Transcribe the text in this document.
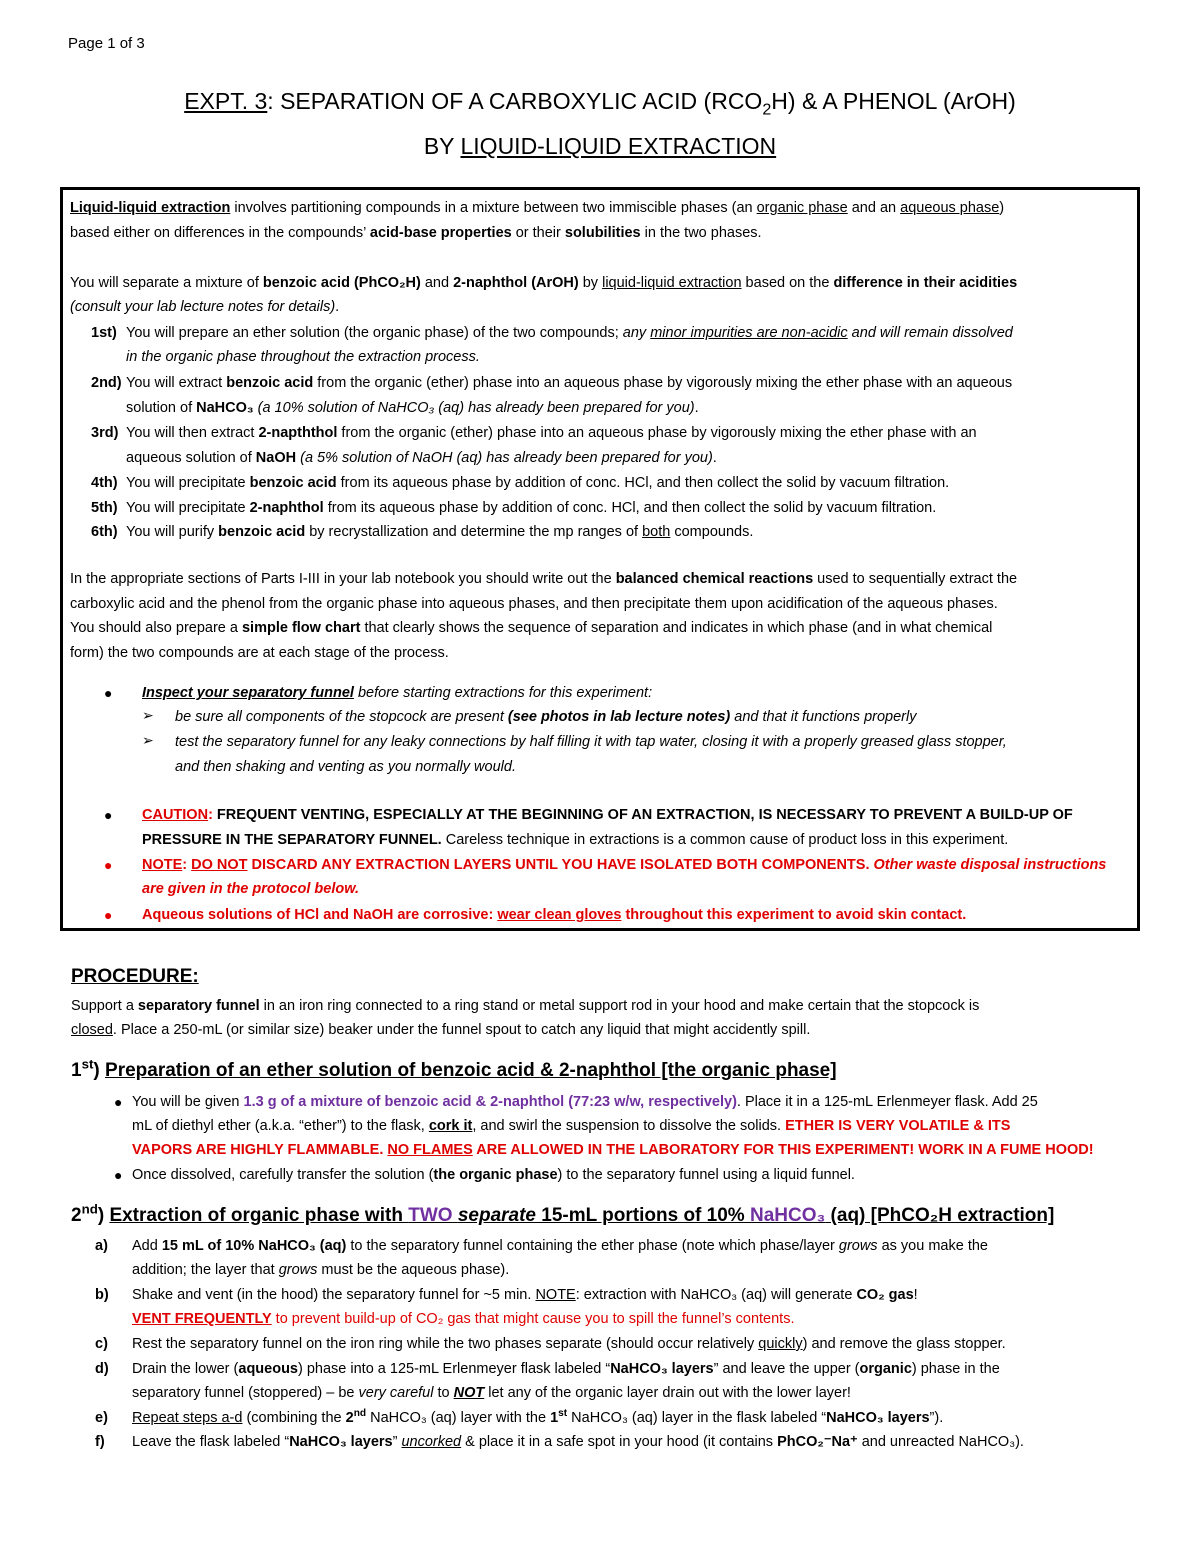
Page 1 of 3
EXPT. 3: SEPARATION OF A CARBOXYLIC ACID $(RCO_2H)$ & A PHENOL (ArOH)
BY LIQUID-LIQUID EXTRACTION
Liquid-liquid extraction involves partitioning compounds in a mixture between two immiscible phases (an organic phase and an aqueous phase)
based either on differences in the compounds’ acid-base properties or their solubilities in the two phases.
You will separate a mixture of benzoic acid (PhCO₂H) and 2-naphthol (ArOH) by liquid-liquid extraction based on the difference in their acidities
(consult your lab lecture notes for details).
1st) You will prepare an ether solution (the organic phase) of the two compounds; any minor impurities are non-acidic and will remain dissolved
in the organic phase throughout the extraction process.
2nd) You will extract benzoic acid from the organic (ether) phase into an aqueous phase by vigorously mixing the ether phase with an aqueous
solution of NaHCO₃ (a 10% solution of NaHCO₃ (aq) has already been prepared for you).
3rd) You will then extract 2-napththol from the organic (ether) phase into an aqueous phase by vigorously mixing the ether phase with an
aqueous solution of NaOH (a 5% solution of NaOH (aq) has already been prepared for you).
4th) You will precipitate benzoic acid from its aqueous phase by addition of conc. HCl, and then collect the solid by vacuum filtration.
5th) You will precipitate 2-naphthol from its aqueous phase by addition of conc. HCl, and then collect the solid by vacuum filtration.
6th) You will purify benzoic acid by recrystallization and determine the mp ranges of both compounds.
In the appropriate sections of Parts I-III in your lab notebook you should write out the balanced chemical reactions used to sequentially extract the
carboxylic acid and the phenol from the organic phase into aqueous phases, and then precipitate them upon acidification of the aqueous phases.
You should also prepare a simple flow chart that clearly shows the sequence of separation and indicates in which phase (and in what chemical
form) the two compounds are at each stage of the process.
● Inspect your separatory funnel before starting extractions for this experiment:
➢ be sure all components of the stopcock are present (see photos in lab lecture notes) and that it functions properly
➢ test the separatory funnel for any leaky connections by half filling it with tap water, closing it with a properly greased glass stopper,
and then shaking and venting as you normally would.
● CAUTION: FREQUENT VENTING, ESPECIALLY AT THE BEGINNING OF AN EXTRACTION, IS NECESSARY TO PREVENT A BUILD-UP OF
PRESSURE IN THE SEPARATORY FUNNEL. Careless technique in extractions is a common cause of product loss in this experiment.
● NOTE: DO NOT DISCARD ANY EXTRACTION LAYERS UNTIL YOU HAVE ISOLATED BOTH COMPONENTS. Other waste disposal instructions
are given in the protocol below.
● Aqueous solutions of HCl and NaOH are corrosive: wear clean gloves throughout this experiment to avoid skin contact.
PROCEDURE:
Support a separatory funnel in an iron ring connected to a ring stand or metal support rod in your hood and make certain that the stopcock is
closed. Place a 250-mL (or similar size) beaker under the funnel spout to catch any liquid that might accidently spill.
1st) Preparation of an ether solution of benzoic acid & 2-naphthol [the organic phase]
● You will be given 1.3 g of a mixture of benzoic acid & 2-naphthol (77:23 w/w, respectively). Place it in a 125-mL Erlenmeyer flask. Add 25
mL of diethyl ether (a.k.a. “ether”) to the flask, cork it, and swirl the suspension to dissolve the solids. ETHER IS VERY VOLATILE & ITS
VAPORS ARE HIGHLY FLAMMABLE. NO FLAMES ARE ALLOWED IN THE LABORATORY FOR THIS EXPERIMENT! WORK IN A FUME HOOD!
● Once dissolved, carefully transfer the solution (the organic phase) to the separatory funnel using a liquid funnel.
2nd) Extraction of organic phase with TWO separate 15-mL portions of 10% NaHCO₃ (aq) [PhCO₂H extraction]
a) Add 15 mL of 10% NaHCO₃ (aq) to the separatory funnel containing the ether phase (note which phase/layer grows as you make the
addition; the layer that grows must be the aqueous phase).
b) Shake and vent (in the hood) the separatory funnel for ~5 min. NOTE: extraction with NaHCO₃ (aq) will generate CO₂ gas!
VENT FREQUENTLY to prevent build-up of CO₂ gas that might cause you to spill the funnel’s contents.
c) Rest the separatory funnel on the iron ring while the two phases separate (should occur relatively quickly) and remove the glass stopper.
d) Drain the lower (aqueous) phase into a 125-mL Erlenmeyer flask labeled “NaHCO₃ layers” and leave the upper (organic) phase in the
separatory funnel (stoppered) – be very careful to NOT let any of the organic layer drain out with the lower layer!
e) Repeat steps a-d (combining the 2nd NaHCO₃ (aq) layer with the 1st NaHCO₃ (aq) layer in the flask labeled “NaHCO₃ layers”).
f) Leave the flask labeled “NaHCO₃ layers” uncorked & place it in a safe spot in your hood (it contains PhCO₂⁻Na⁺ and unreacted NaHCO₃).
